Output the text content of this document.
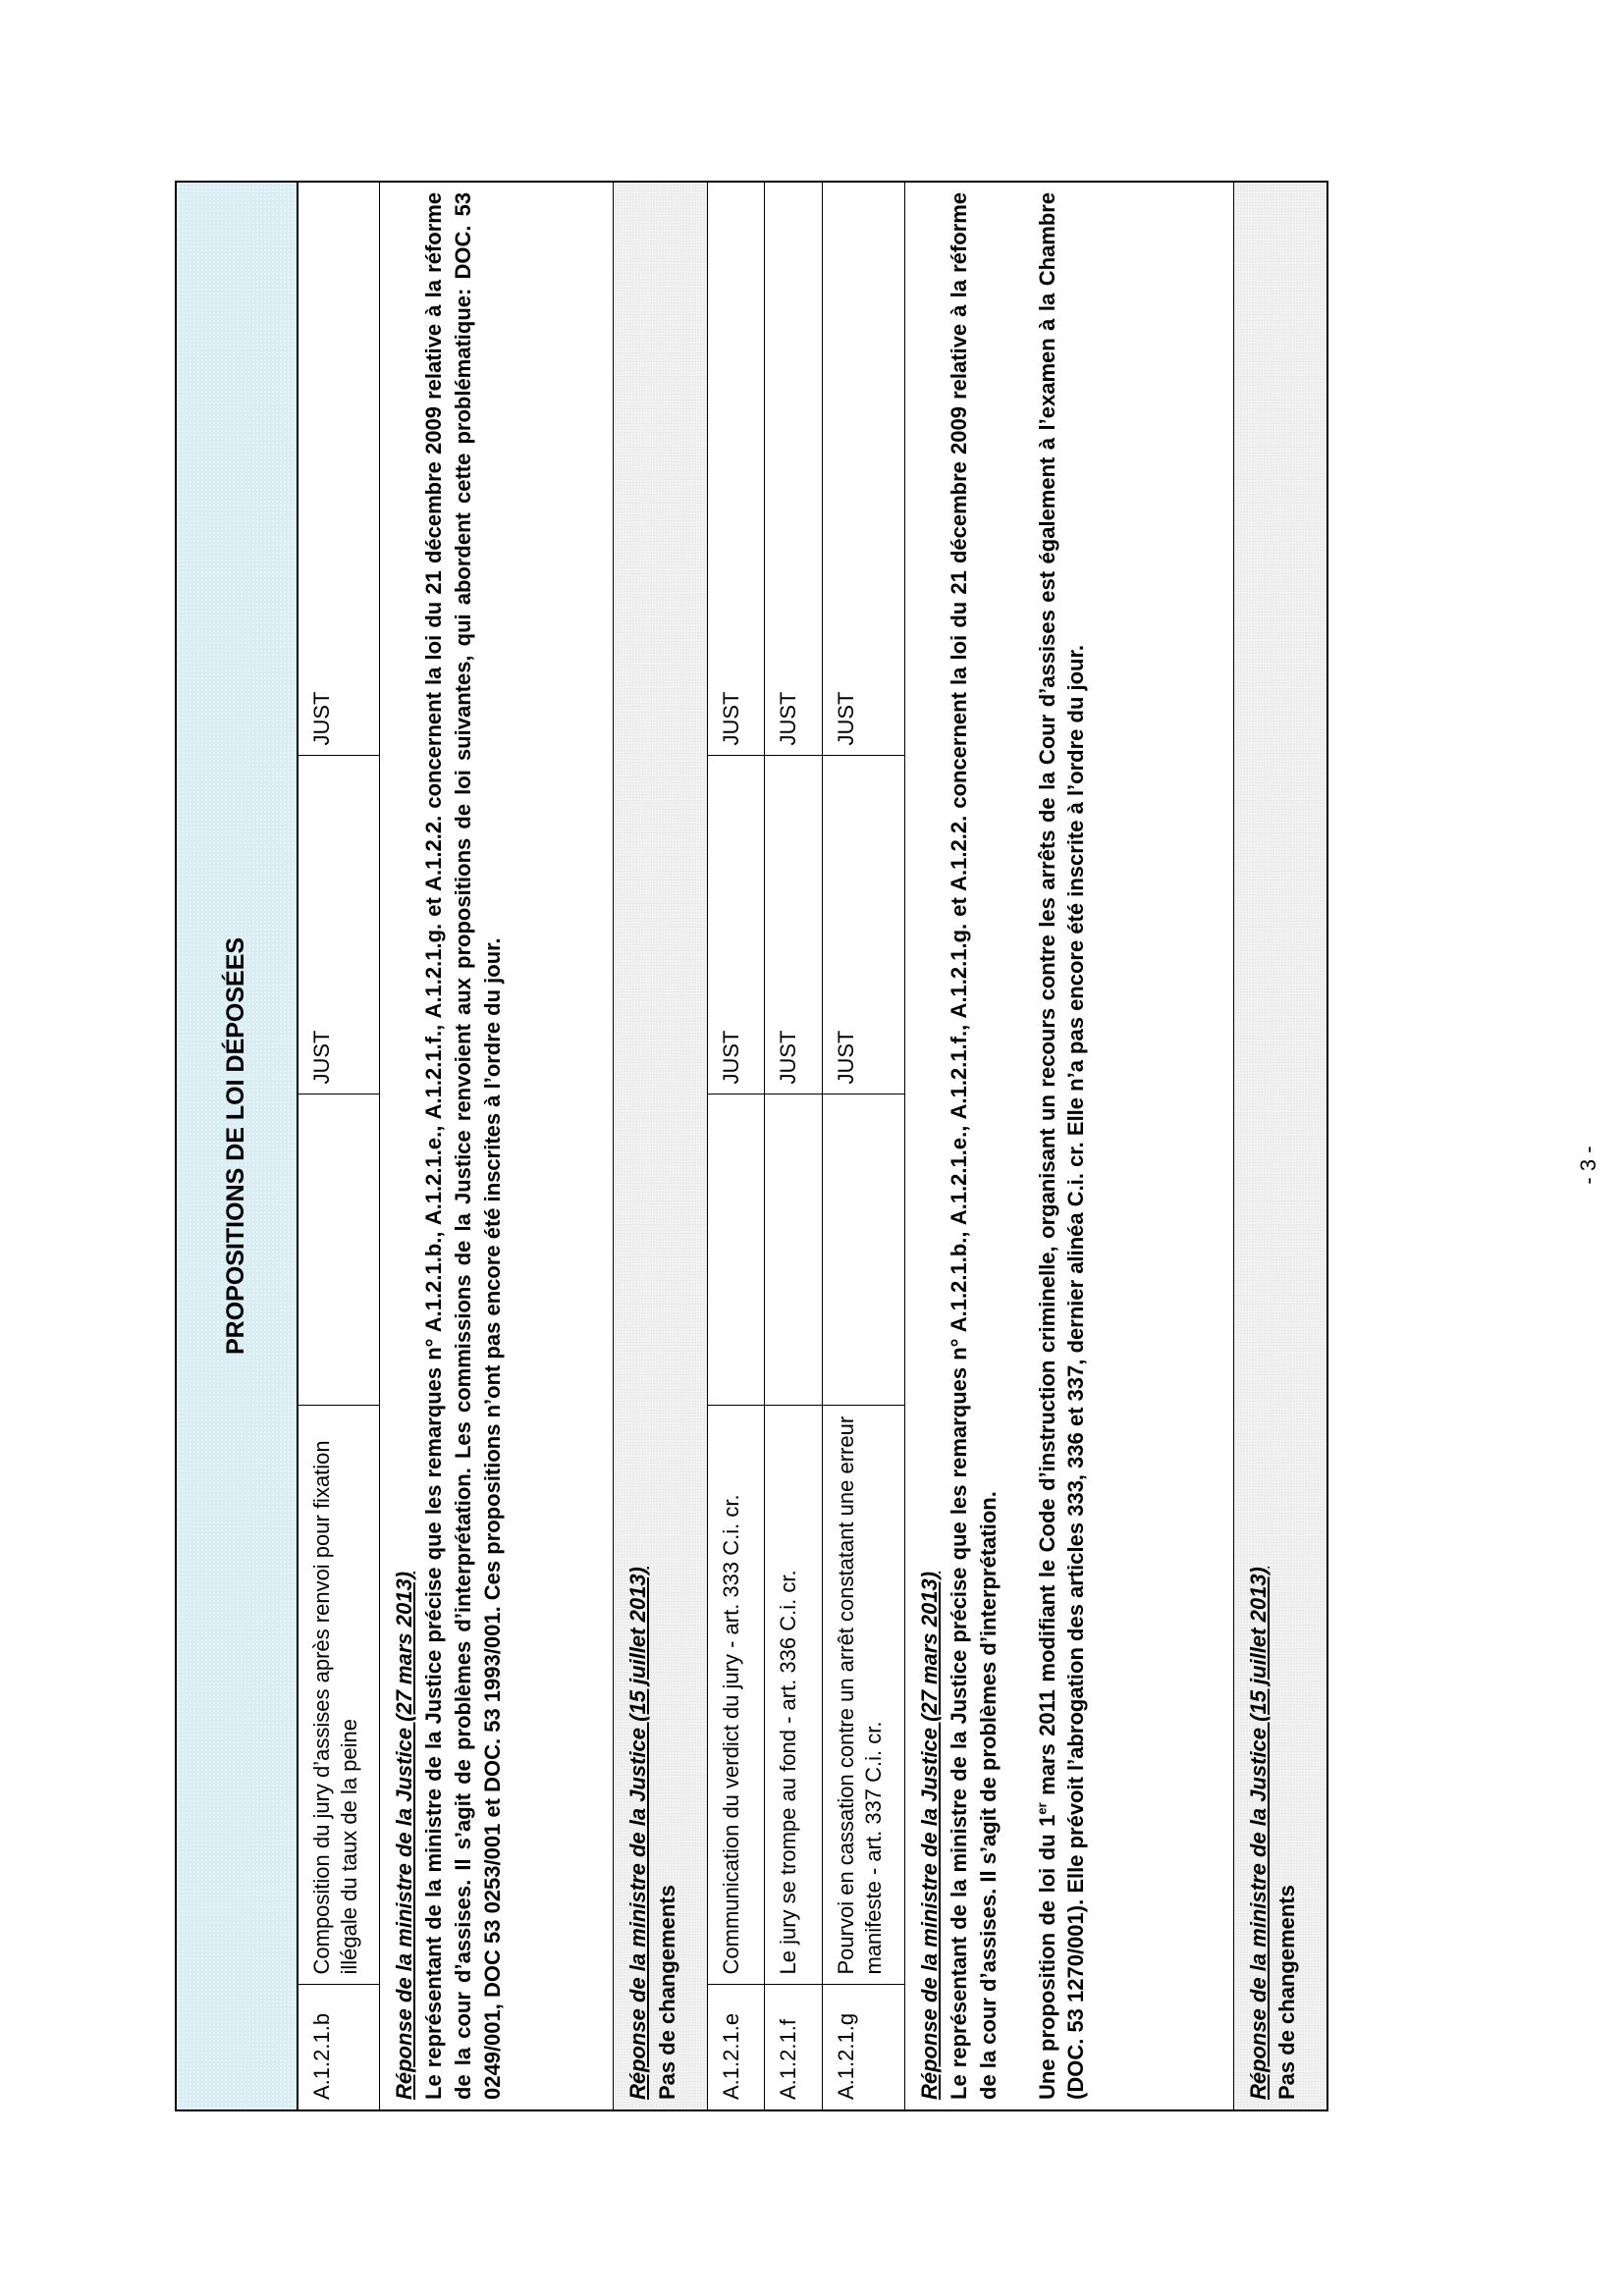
PROPOSITIONS DE LOI DÉPOSÉES				
A.1.2.1.b	Composition du jury d’assises après renvoi pour fixation illégale du taux de la peine		JUST	JUST

Réponse de la ministre de la Justice (27 mars 2013) Le représentant de la ministre de la Justice précise que les remarques n° A.1.2.1.b., A.1.2.1.e., A.1.2.1.f., A.1.2.1.g. et A.1.2.2. concernent la loi du 21 décembre 2009 relative à la réforme de la cour d’assises. Il s’agit de problèmes d’interprétation. Les commissions de la Justice renvoient aux propositions de loi suivantes, qui abordent cette problématique: DOC. 53 0249/001, DOC 53 0253/001 et DOC. 53 1993/001. Ces propositions n’ont pas encore été inscrites à l’ordre du jour.				

Réponse de la ministre de la Justice (15 juillet 2013) Pas de changements				

A.1.2.1.e	Communication du verdict du jury - art. 333 C.i. cr.		JUST	JUST
A.1.2.1.f	Le jury se trompe au fond - art. 336 C.i. cr.		JUST	JUST
A.1.2.1.g	Pourvoi en cassation contre un arrêt constatant une erreur manifeste - art. 337 C.i. cr.		JUST	JUST

Réponse de la ministre de la Justice (27 mars 2013) Le représentant de la ministre de la Justice précise que les remarques n° A.1.2.1.b., A.1.2.1.e., A.1.2.1.f., A.1.2.1.g. et A.1.2.2. concernent la loi du 21 décembre 2009 relative à la réforme de la cour d’assises. Il s’agit de problèmes d’interprétation. Une proposition de loi du 1er mars 2011 modifiant le Code d’instruction criminelle, organisant un recours contre les arrêts de la Cour d’assises est également à l’examen à la Chambre (DOC. 53 1270/001). Elle prévoit l’abrogation des articles 333, 336 et 337, dernier alinéa C.i. cr. Elle n’a pas encore été inscrite à l’ordre du jour.				

Réponse de la ministre de la Justice (15 juillet 2013) Pas de changements				
- 3 -
